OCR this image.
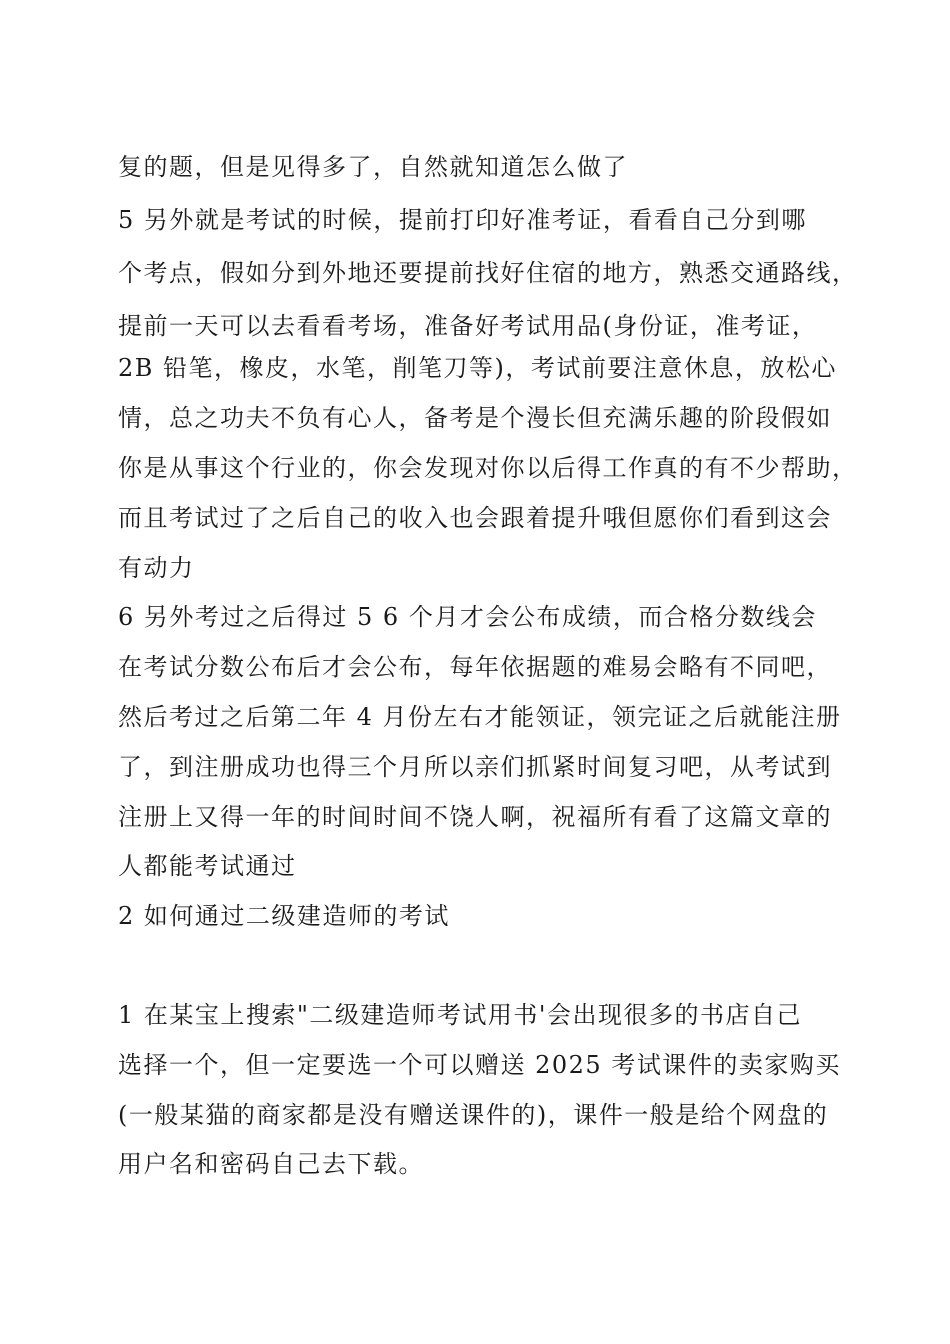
复的题，但是见得多了，自然就知道怎么做了
5 另外就是考试的时候，提前打印好准考证，看看自己分到哪
个考点，假如分到外地还要提前找好住宿的地方，熟悉交通路线，
提前一天可以去看看考场，准备好考试用品(身份证，准考证，
2B 铅笔，橡皮，水笔，削笔刀等)，考试前要注意休息，放松心
情，总之功夫不负有心人，备考是个漫长但充满乐趣的阶段假如
你是从事这个行业的，你会发现对你以后得工作真的有不少帮助，
而且考试过了之后自己的收入也会跟着提升哦但愿你们看到这会
有动力
6 另外考过之后得过 5 6 个月才会公布成绩，而合格分数线会
在考试分数公布后才会公布，每年依据题的难易会略有不同吧，
然后考过之后第二年 4 月份左右才能领证，领完证之后就能注册
了，到注册成功也得三个月所以亲们抓紧时间复习吧，从考试到
注册上又得一年的时间时间不饶人啊，祝福所有看了这篇文章的
人都能考试通过
2 如何通过二级建造师的考试
1 在某宝上搜索"二级建造师考试用书'会出现很多的书店自己
选择一个，但一定要选一个可以赠送 2025 考试课件的卖家购买
(一般某猫的商家都是没有赠送课件的)，课件一般是给个网盘的
用户名和密码自己去下载。
